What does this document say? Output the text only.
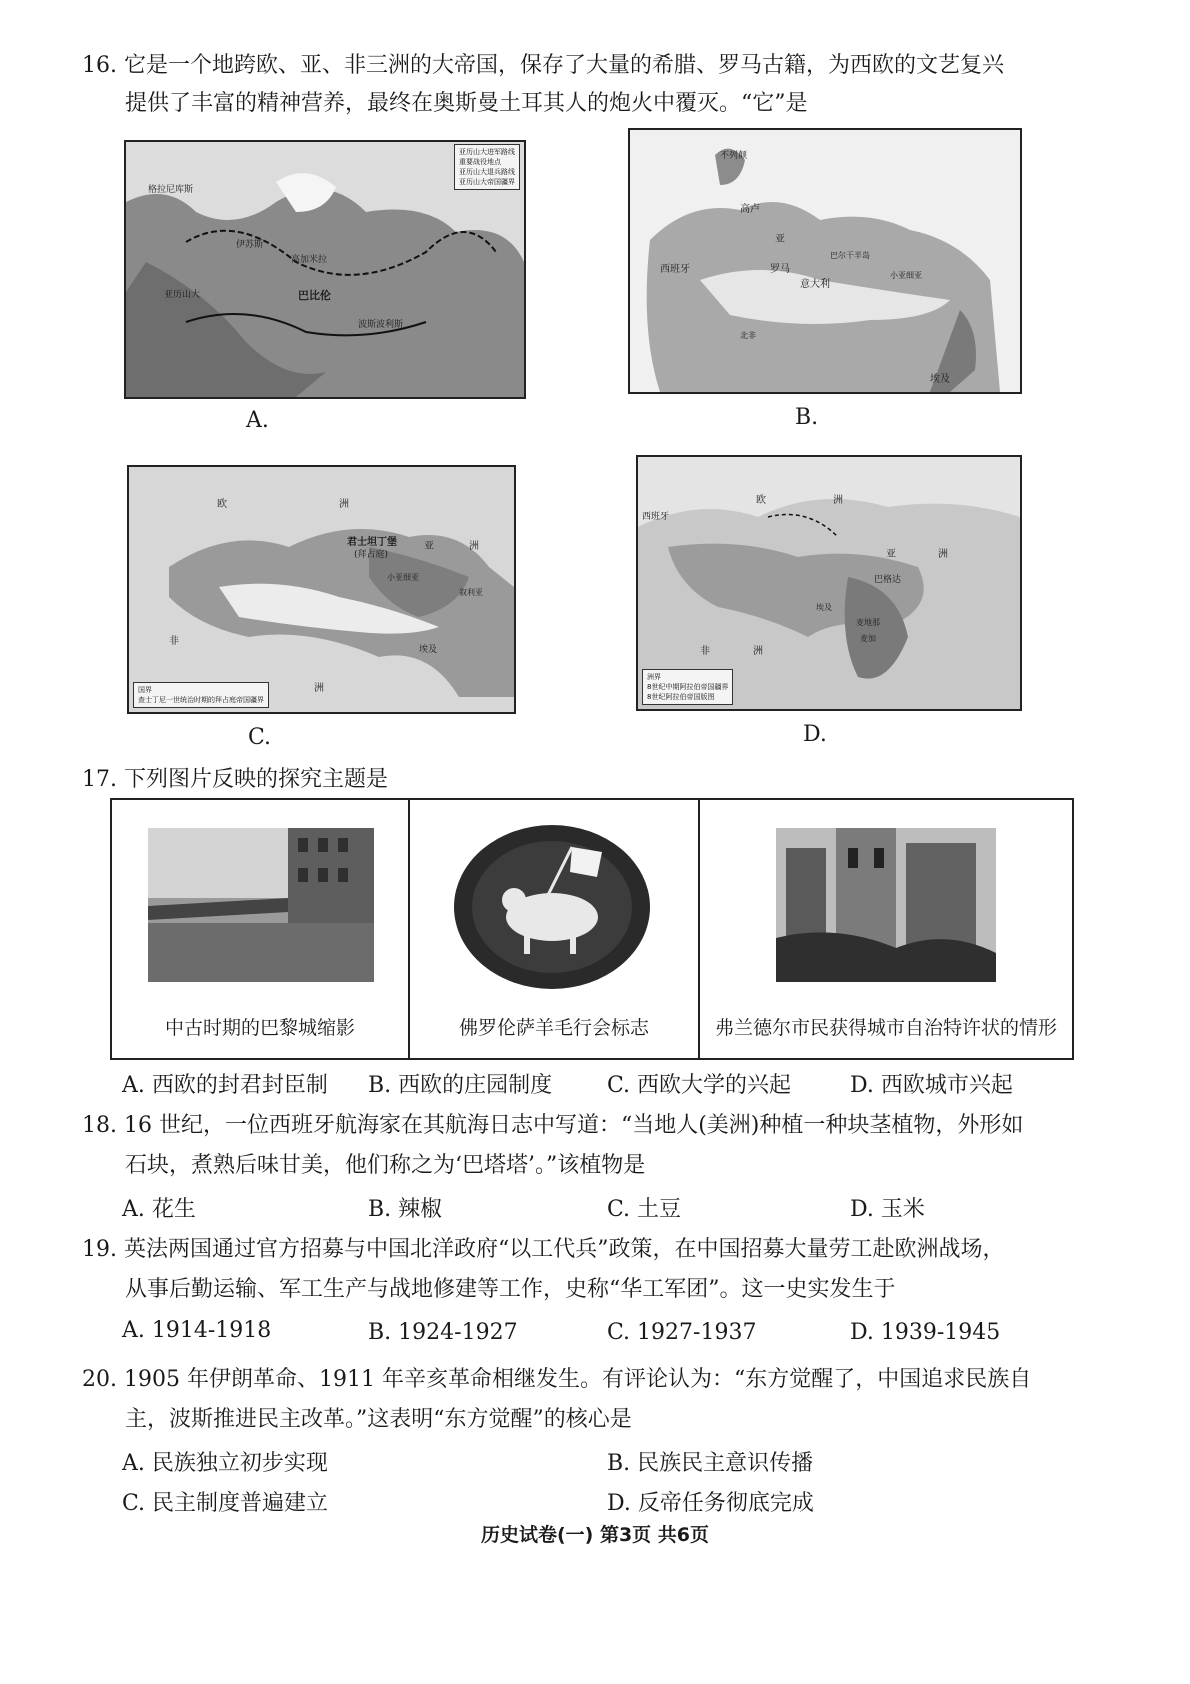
16. 它是一个地跨欧、亚、非三洲的大帝国，保存了大量的希腊、罗马古籍，为西欧的文艺复兴
提供了丰富的精神营养，最终在奥斯曼土耳其人的炮火中覆灭。“它”是
亚历山大进军路线
重要战役地点
亚历山大退兵路线
亚历山大帝国疆界
格拉尼库斯
伊苏斯
高加米拉
巴比伦
亚历山大
波斯波利斯
A.
不列颠
高卢
西班牙	罗马
亚
意大利
巴尔干半岛
小亚细亚
埃及
北非
B.
欧	洲
君士坦丁堡
(拜占庭)
亚	洲
小亚细亚
叙利亚
埃及
非
洲
国界
查士丁尼一世统治时期的拜占庭帝国疆界
C.
欧	洲
西班牙
亚	洲
巴格达
麦地那
麦加
埃及
非	洲
洲界
8世纪中期阿拉伯帝国疆界
8世纪阿拉伯帝国版图
D.
17. 下列图片反映的探究主题是
中古时期的巴黎城缩影	佛罗伦萨羊毛行会标志	弗兰德尔市民获得城市自治特许状的情形
A. 西欧的封君封臣制 B. 西欧的庄园制度 C. 西欧大学的兴起	D. 西欧城市兴起
18. 16 世纪，一位西班牙航海家在其航海日志中写道：“当地人(美洲)种植一种块茎植物，外形如
石块，煮熟后味甘美，他们称之为‘巴塔塔’。”该植物是
A. 花生	B. 辣椒	C. 土豆	D. 玉米
19. 英法两国通过官方招募与中国北洋政府“以工代兵”政策，在中国招募大量劳工赴欧洲战场，
从事后勤运输、军工生产与战地修建等工作，史称“华工军团”。这一史实发生于
A. 1914-1918	B. 1924-1927	C. 1927-1937	D. 1939-1945
20. 1905 年伊朗革命、1911 年辛亥革命相继发生。有评论认为：“东方觉醒了，中国追求民族自
主，波斯推进民主改革。”这表明“东方觉醒”的核心是
A. 民族独立初步实现	B. 民族民主意识传播
C. 民主制度普遍建立	D. 反帝任务彻底完成
历史试卷(一) 第3页 共6页
